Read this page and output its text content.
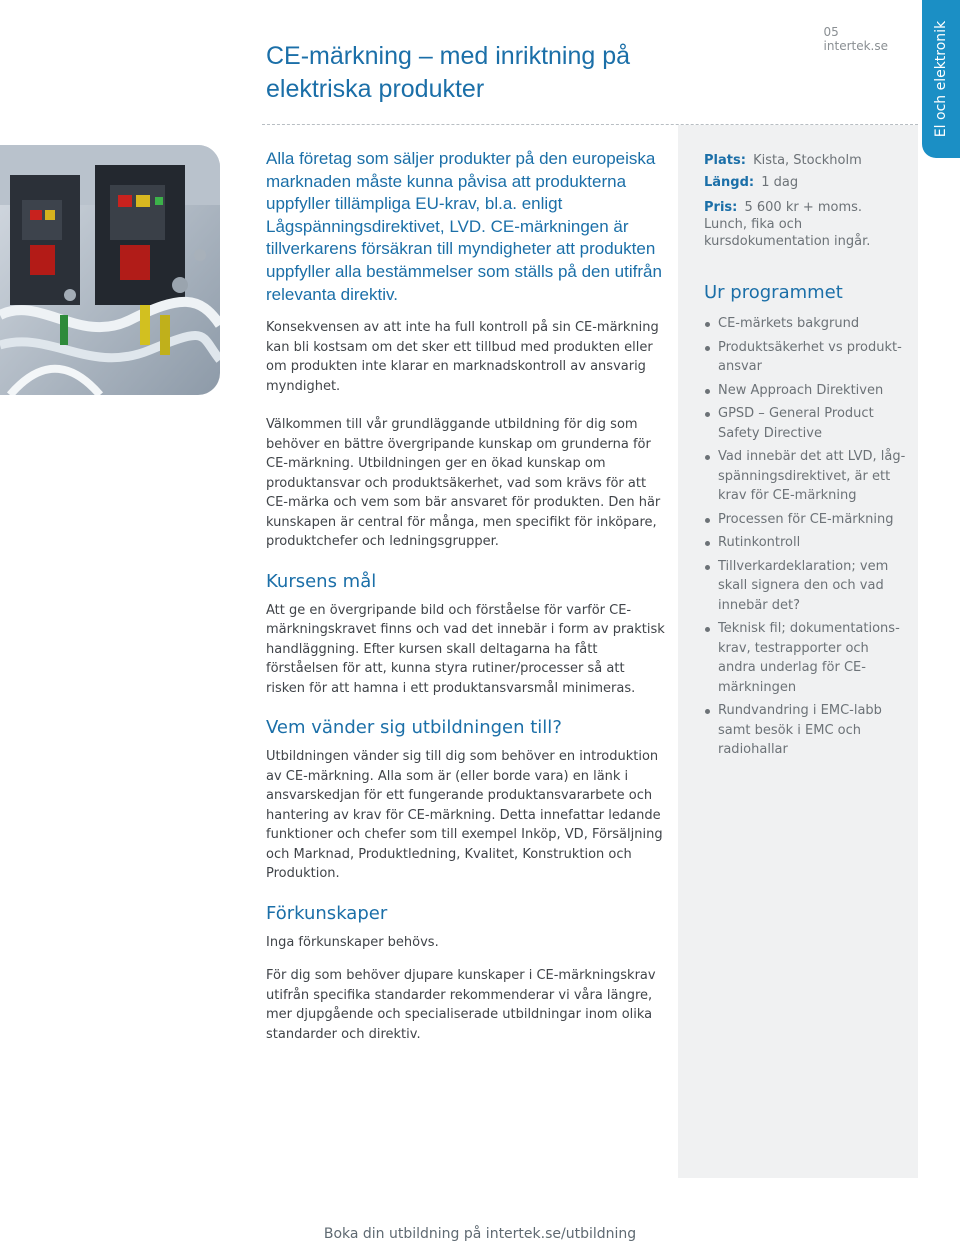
05
intertek.se	El och elektronik
CE-märkning – med inriktning på elektriska produkter

Alla företag som säljer produkter på den europeiska marknaden måste kunna påvisa att produkterna uppfyller tillämpliga EU-krav, bl.a. enligt Lågspänningsdirektivet, LVD. CE-märkningen är tillverkarens försäkran till myndigheter att produkten uppfyller alla bestämmelser som ställs på den utifrån relevanta direktiv.

Konsekvensen av att inte ha full kontroll på sin CE-märkning kan bli kostsam om det sker ett tillbud med produkten eller om produkten inte klarar en marknadskontroll av ansvarig myndighet.

Välkommen till vår grundläggande utbildning för dig som behöver en bättre övergripande kunskap om grunderna för CE-märkning. Utbildningen ger en ökad kunskap om produktansvar och produktsäkerhet, vad som krävs för att CE-märka och vem som bär ansvaret för produkten. Den här kunskapen är central för många, men specifikt för inköpare, produktchefer och ledningsgrupper.

Kursens mål

Att ge en övergripande bild och förståelse för varför CE-märkningskravet finns och vad det innebär i form av praktisk handläggning. Efter kursen skall deltagarna ha fått förståelsen för att, kunna styra rutiner/processer så att risken för att hamna i ett produktansvarsmål minimeras.

Vem vänder sig utbildningen till?

Utbildningen vänder sig till dig som behöver en introduktion av CE-märkning. Alla som är (eller borde vara) en länk i ansvarskedjan för ett fungerande produktansvararbete och hantering av krav för CE-märkning. Detta innefattar ledande funktioner och chefer som till exempel Inköp, VD, Försäljning och Marknad, Produktledning, Kvalitet, Konstruktion och Produktion.

Förkunskaper

Inga förkunskaper behövs.

För dig som behöver djupare kunskaper i CE-märkningskrav utifrån specifika standarder rekommenderar vi våra längre, mer djupgående och specialiserade utbildningar inom olika standarder och direktiv.

Plats: Kista, Stockholm
Längd: 1 dag
Pris: 5 600 kr + moms. Lunch, fika och kursdokumentation ingår.
Ur programmet
CE-märkets bakgrund
Produktsäkerhet vs produkt-ansvar
New Approach Direktiven
GPSD – General Product Safety Directive
Vad innebär det att LVD, låg-spänningsdirektivet, är ett krav för CE-märkning
Processen för CE-märkning
Rutinkontroll
Tillverkardeklaration; vem skall signera den och vad innebär det?
Teknisk fil; dokumentations-krav, testrapporter och andra underlag för CE-märkningen
Rundvandring i EMC-labb samt besök i EMC och radiohallar
Boka din utbildning på intertek.se/utbildning
